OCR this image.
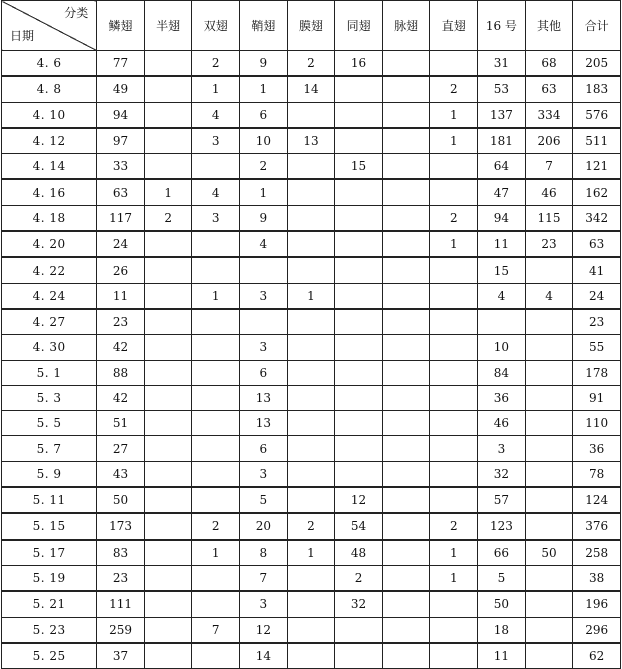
分类
日期	鳞翅	半翅	双翅	鞘翅	膜翅	同翅	脉翅	直翅	16 号	其他	合计
4. 6	77		2	9	2	16			31	68	205
4. 8	49		1	1	14			2	53	63	183
4. 10	94		4	6				1	137	334	576
4. 12	97		3	10	13			1	181	206	511
4. 14	33			2		15			64	7	121
4. 16	63	1	4	1					47	46	162
4. 18	117	2	3	9				2	94	115	342
4. 20	24			4				1	11	23	63
4. 22	26								15		41
4. 24	11		1	3	1				4	4	24
4. 27	23										23
4. 30	42			3					10		55
5. 1	88			6					84		178
5. 3	42			13					36		91
5. 5	51			13					46		110
5. 7	27			6					3		36
5. 9	43			3					32		78
5. 11	50			5		12			57		124
5. 15	173		2	20	2	54		2	123		376
5. 17	83		1	8	1	48		1	66	50	258
5. 19	23			7		2		1	5		38
5. 21	111			3		32			50		196
5. 23	259		7	12					18		296
5. 25	37			14					11		62
